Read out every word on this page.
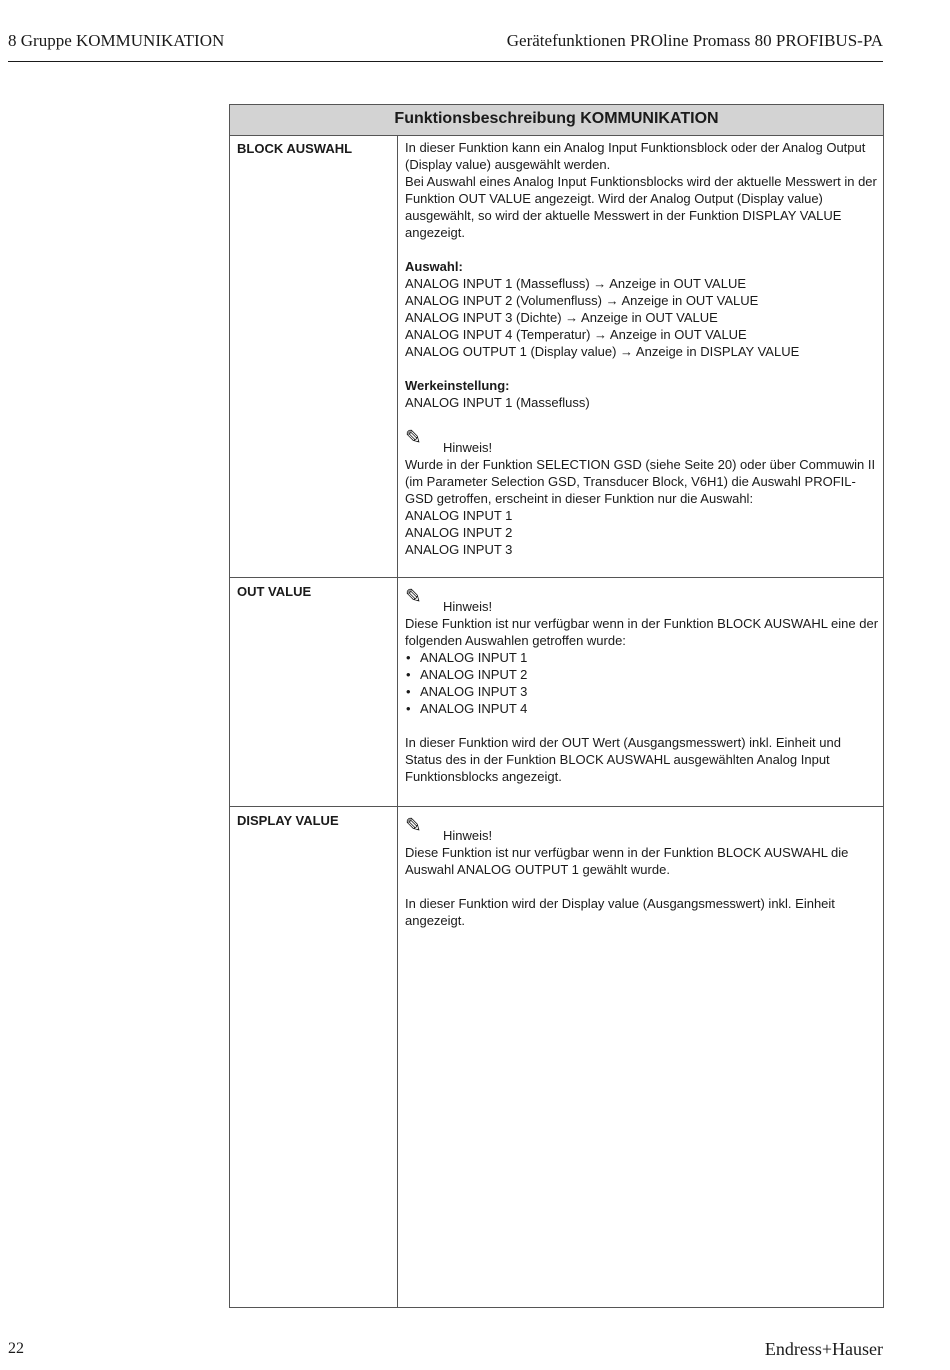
8 Gruppe KOMMUNIKATION	Gerätefunktionen PROline Promass 80 PROFIBUS-PA
Funktionsbeschreibung KOMMUNIKATION
BLOCK AUSWAHL	In dieser Funktion kann ein Analog Input Funktionsblock oder der Analog Output (Display value) ausgewählt werden.

Bei Auswahl eines Analog Input Funktionsblocks wird der aktuelle Messwert in der Funktion OUT VALUE angezeigt. Wird der Analog Output (Display value) ausgewählt, so wird der aktuelle Messwert in der Funktion DISPLAY VALUE angezeigt.

Auswahl:

ANALOG INPUT 1 (Massefluss) → Anzeige in OUT VALUE

ANALOG INPUT 2 (Volumenfluss) → Anzeige in OUT VALUE

ANALOG INPUT 3 (Dichte) → Anzeige in OUT VALUE

ANALOG INPUT 4 (Temperatur) → Anzeige in OUT VALUE

ANALOG OUTPUT 1 (Display value) → Anzeige in DISPLAY VALUE

Werkeinstellung:

ANALOG INPUT 1 (Massefluss)

✎ Hinweis!

Wurde in der Funktion SELECTION GSD (siehe Seite 20) oder über Commuwin II (im Parameter Selection GSD, Transducer Block, V6H1) die Auswahl PROFIL-GSD getroffen, erscheint in dieser Funktion nur die Auswahl:

ANALOG INPUT 1

ANALOG INPUT 2

ANALOG INPUT 3

OUT VALUE	✎ Hinweis!

Diese Funktion ist nur verfügbar wenn in der Funktion BLOCK AUSWAHL eine der folgenden Auswahlen getroffen wurde:

• ANALOG INPUT 1

• ANALOG INPUT 2

• ANALOG INPUT 3

• ANALOG INPUT 4

In dieser Funktion wird der OUT Wert (Ausgangsmesswert) inkl. Einheit und Status des in der Funktion BLOCK AUSWAHL ausgewählten Analog Input Funktionsblocks angezeigt.

DISPLAY VALUE	✎ Hinweis!

Diese Funktion ist nur verfügbar wenn in der Funktion BLOCK AUSWAHL die Auswahl ANALOG OUTPUT 1 gewählt wurde.

In dieser Funktion wird der Display value (Ausgangsmesswert) inkl. Einheit angezeigt.

22	Endress+Hauser
